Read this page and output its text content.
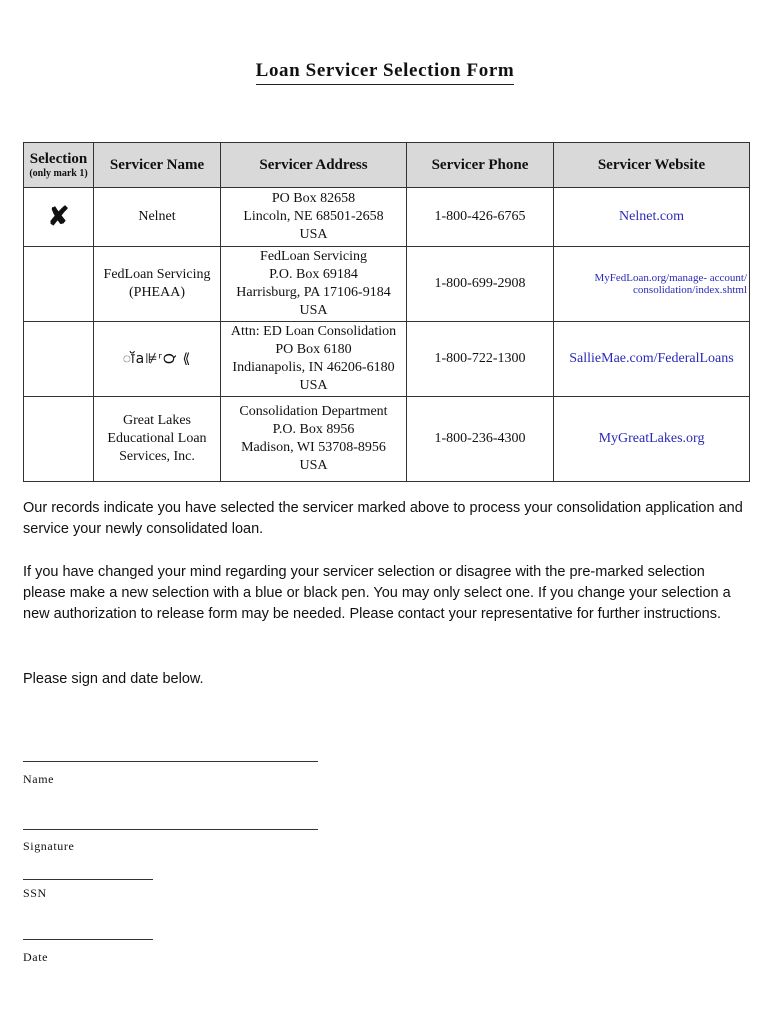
Loan Servicer Selection Form
Selection
(only mark 1)	Servicer Name	Servicer Address	Servicer Phone	Servicer Website
✘	Nelnet	PO Box 82658
Lincoln, NE 68501-2658
USA	1-800-426-6765	Nelnet.com

	FedLoan Servicing
(PHEAA)	FedLoan Servicing
P.O. Box 69184
Harrisburg, PA 17106-9184
USA	1-800-699-2908	MyFedLoan.org/manage- account/ consolidation/index.shtml

	ॉa⊯ʳ℺ ⟪	Attn: ED Loan Consolidation
PO Box 6180
Indianapolis, IN 46206-6180
USA	1-800-722-1300	SallieMae.com/FederalLoans

	Great Lakes
Educational Loan
Services, Inc.	Consolidation Department
P.O. Box 8956
Madison, WI 53708-8956
USA	1-800-236-4300	MyGreatLakes.org
Our records indicate you have selected the servicer marked above to process your consolidation application and service your newly consolidated loan.
If you have changed your mind regarding your servicer selection or disagree with the pre-marked selection please make a new selection with a blue or black pen. You may only select one. If you change your selection a new authorization to release form may be needed. Please contact your representative for further instructions.
Please sign and date below.
Name
Signature
SSN
Date
